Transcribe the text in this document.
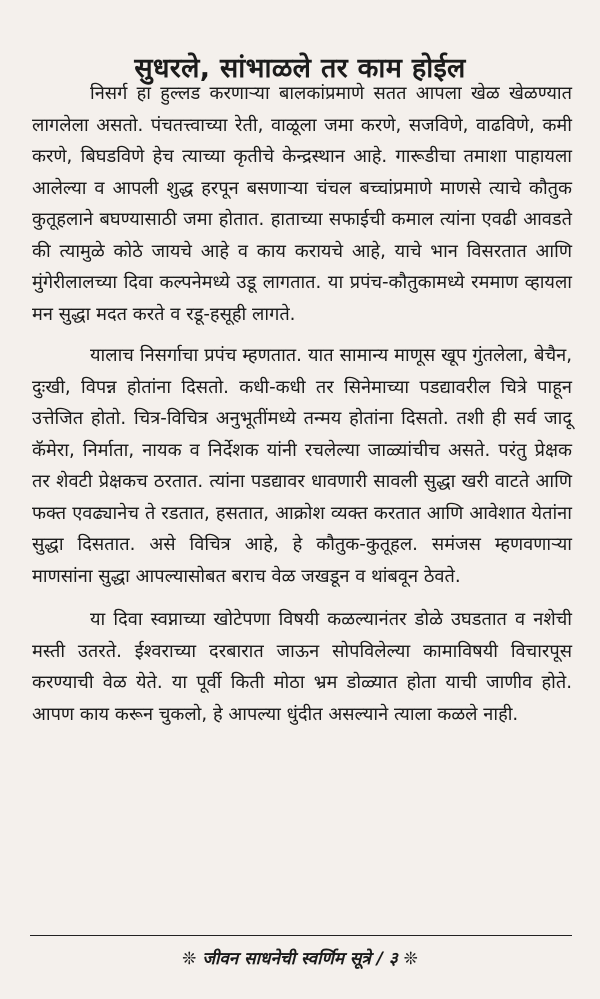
सुधरले, सांभाळले तर काम होईल

निसर्ग हा हुल्लड करणाऱ्या बालकांप्रमाणे सतत आपला खेळ खेळण्यात लागलेला असतो. पंचतत्त्वाच्या रेती, वाळूला जमा करणे, सजविणे, वाढविणे, कमी करणे, बिघडविणे हेच त्याच्या कृतीचे केन्द्रस्थान आहे. गारूडीचा तमाशा पाहायला आलेल्या व आपली शुद्ध हरपून बसणाऱ्या चंचल बच्चांप्रमाणे माणसे त्याचे कौतुक कुतूहलाने बघण्यासाठी जमा होतात. हाताच्या सफाईची कमाल त्यांना एवढी आवडते की त्यामुळे कोठे जायचे आहे व काय करायचे आहे, याचे भान विसरतात आणि मुंगेरीलालच्या दिवा कल्पनेमध्ये उडू लागतात. या प्रपंच-कौतुकामध्ये रममाण व्हायला मन सुद्धा मदत करते व रडू-हसूही लागते.

यालाच निसर्गाचा प्रपंच म्हणतात. यात सामान्य माणूस खूप गुंतलेला, बेचैन, दुःखी, विपन्न होतांना दिसतो. कधी-कधी तर सिनेमाच्या पडद्यावरील चित्रे पाहून उत्तेजित होतो. चित्र-विचित्र अनुभूतींमध्ये तन्मय होतांना दिसतो. तशी ही सर्व जादू कॅमेरा, निर्माता, नायक व निर्देशक यांनी रचलेल्या जाळ्यांचीच असते. परंतु प्रेक्षक तर शेवटी प्रेक्षकच ठरतात. त्यांना पडद्यावर धावणारी सावली सुद्धा खरी वाटते आणि फक्त एवढ्यानेच ते रडतात, हसतात, आक्रोश व्यक्त करतात आणि आवेशात येतांना सुद्धा दिसतात. असे विचित्र आहे, हे कौतुक-कुतूहल. समंजस म्हणवणाऱ्या माणसांना सुद्धा आपल्यासोबत बराच वेळ जखडून व थांबवून ठेवते.

या दिवा स्वप्नाच्या खोटेपणा विषयी कळल्यानंतर डोळे उघडतात व नशेची मस्ती उतरते. ईश्वराच्या दरबारात जाऊन सोपविलेल्या कामाविषयी विचारपूस करण्याची वेळ येते. या पूर्वी किती मोठा भ्रम डोळ्यात होता याची जाणीव होते. आपण काय करून चुकलो, हे आपल्या धुंदीत असल्याने त्याला कळले नाही.

❊ जीवन साधनेची स्वर्णिम सूत्रे / ३ ❊
